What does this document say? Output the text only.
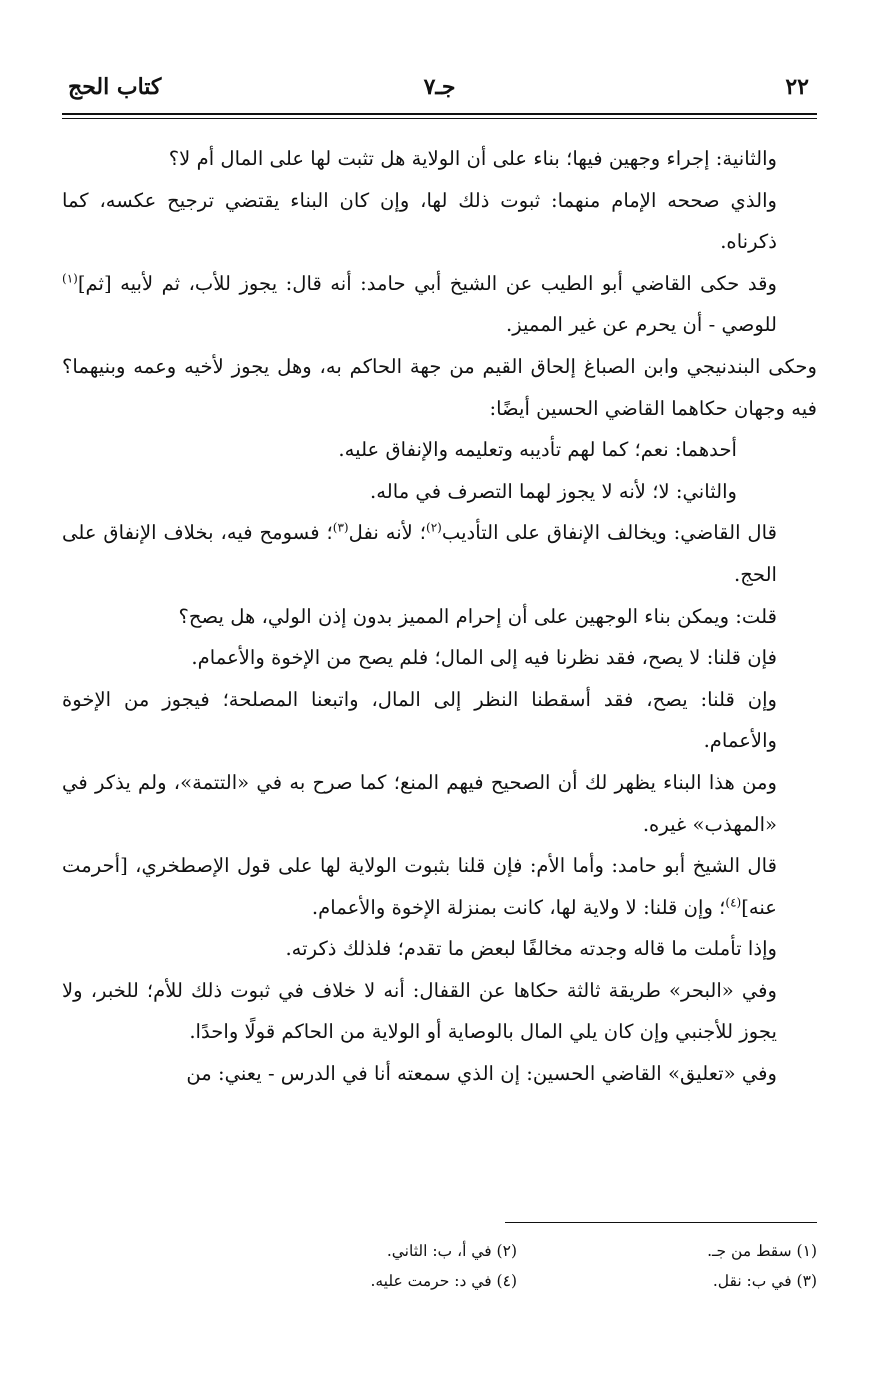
٢٢
جـ٧
كتاب الحج

والثانية: إجراء وجهين فيها؛ بناء على أن الولاية هل تثبت لها على المال أم لا؟

والذي صححه الإمام منهما: ثبوت ذلك لها، وإن كان البناء يقتضي ترجيح عكسه، كما ذكرناه.

وقد حكى القاضي أبو الطيب عن الشيخ أبي حامد: أنه قال: يجوز للأب، ثم لأبيه [ثم]$^{(١)}$ للوصي - أن يحرم عن غير المميز.

وحكى البندنيجي وابن الصباغ إلحاق القيم من جهة الحاكم به، وهل يجوز لأخيه وعمه وبنيهما؟ فيه وجهان حكاهما القاضي الحسين أيضًا:

أحدهما: نعم؛ كما لهم تأديبه وتعليمه والإنفاق عليه.

والثاني: لا؛ لأنه لا يجوز لهما التصرف في ماله.

قال القاضي: ويخالف الإنفاق على التأديب$^{(٢)}$؛ لأنه نفل$^{(٣)}$؛ فسومح فيه، بخلاف الإنفاق على الحج.

قلت: ويمكن بناء الوجهين على أن إحرام المميز بدون إذن الولي، هل يصح؟

فإن قلنا: لا يصح، فقد نظرنا فيه إلى المال؛ فلم يصح من الإخوة والأعمام.

وإن قلنا: يصح، فقد أسقطنا النظر إلى المال، واتبعنا المصلحة؛ فيجوز من الإخوة والأعمام.

ومن هذا البناء يظهر لك أن الصحيح فيهم المنع؛ كما صرح به في «التتمة»، ولم يذكر في «المهذب» غيره.

قال الشيخ أبو حامد: وأما الأم: فإن قلنا بثبوت الولاية لها على قول الإصطخري، [أحرمت عنه]$^{(٤)}$؛ وإن قلنا: لا ولاية لها، كانت بمنزلة الإخوة والأعمام.

وإذا تأملت ما قاله وجدته مخالفًا لبعض ما تقدم؛ فلذلك ذكرته.

وفي «البحر» طريقة ثالثة حكاها عن القفال: أنه لا خلاف في ثبوت ذلك للأم؛ للخبر، ولا يجوز للأجنبي وإن كان يلي المال بالوصاية أو الولاية من الحاكم قولًا واحدًا.

وفي «تعليق» القاضي الحسين: إن الذي سمعته أنا في الدرس - يعني: من

(١) سقط من جـ.
(٢) في أ، ب: الثاني.
(٣) في ب: نقل.
(٤) في د: حرمت عليه.
